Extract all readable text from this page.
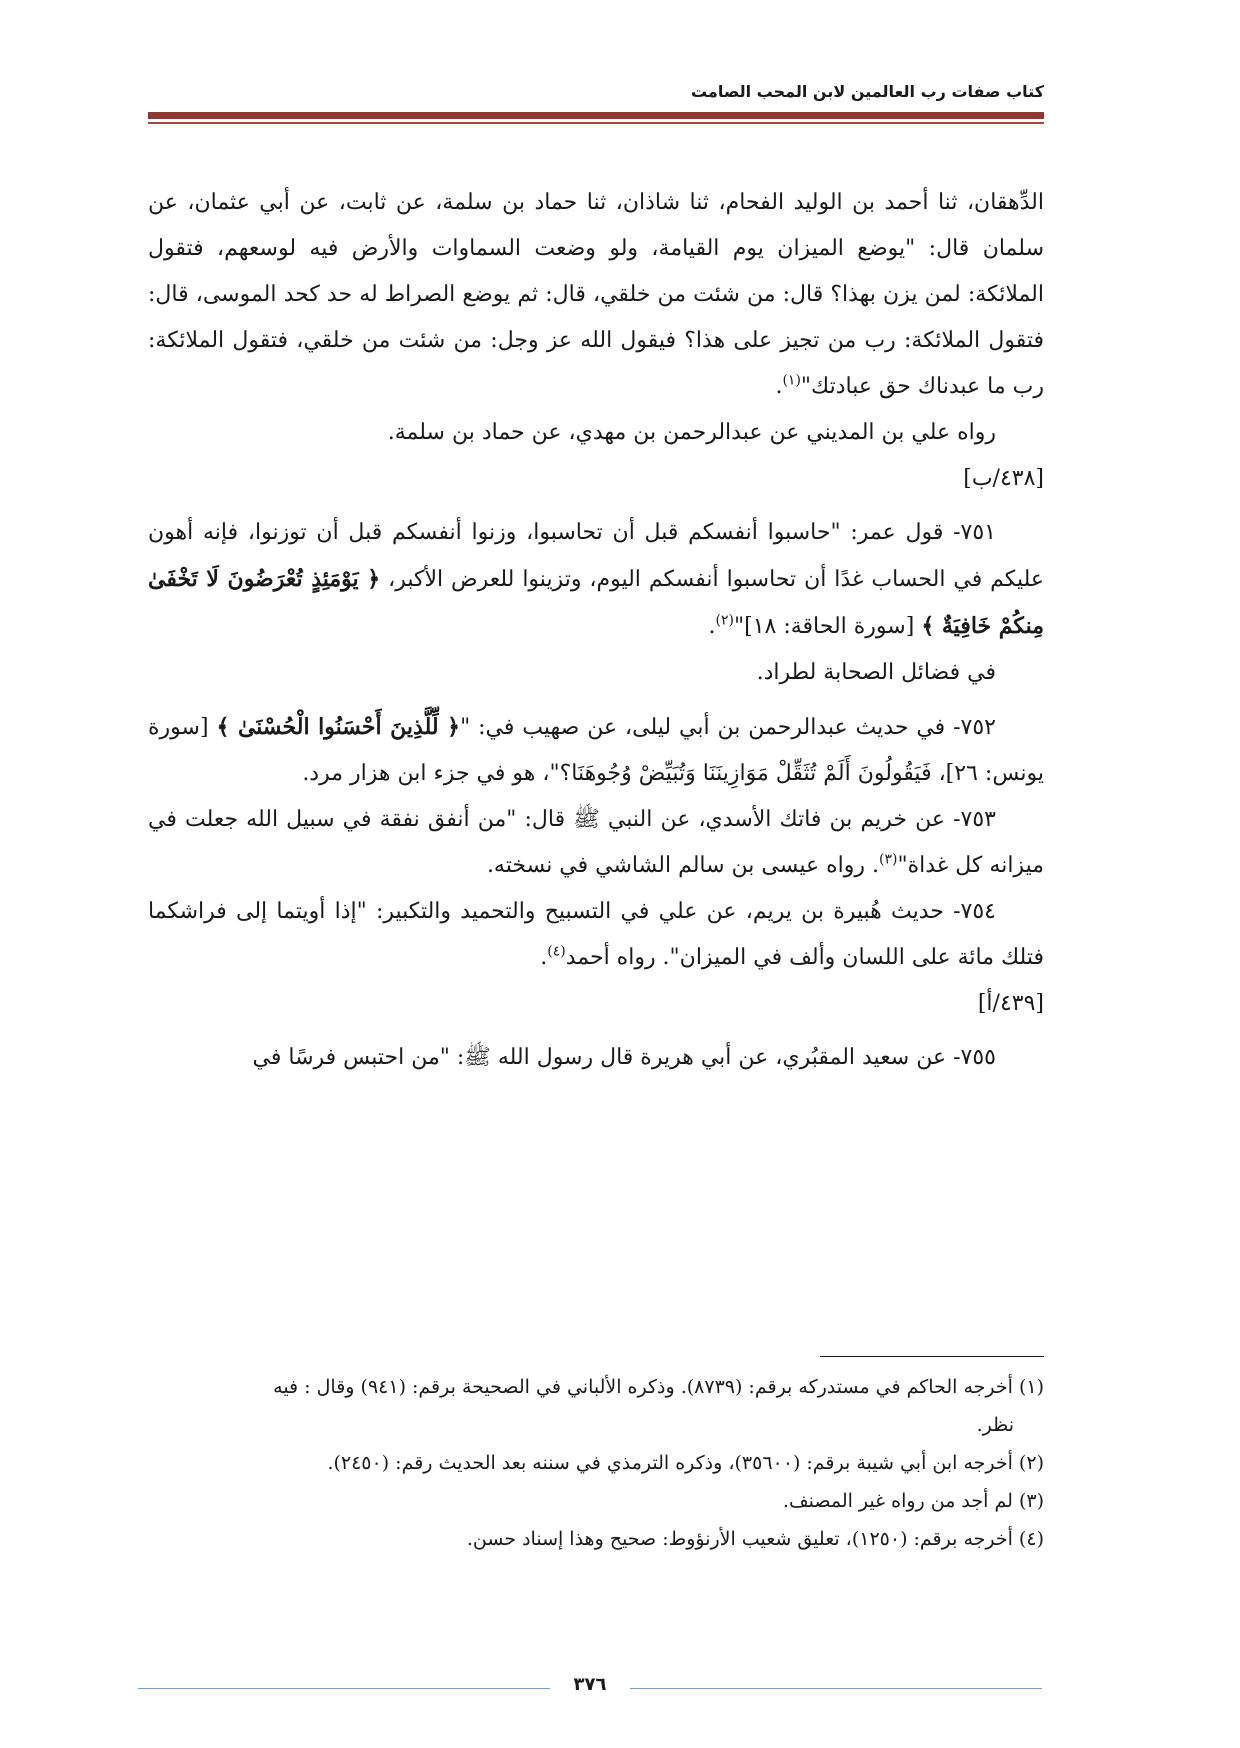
كتاب صفات رب العالمين لابن المحب الصامت

الدِّهقان، ثنا أحمد بن الوليد الفحام، ثنا شاذان، ثنا حماد بن سلمة، عن ثابت، عن أبي عثمان، عن سلمان قال: "يوضع الميزان يوم القيامة، ولو وضعت السماوات والأرض فيه لوسعهم، فتقول الملائكة: لمن يزن بهذا؟ قال: من شئت من خلقي، قال: ثم يوضع الصراط له حد كحد الموسى، قال: فتقول الملائكة: رب من تجيز على هذا؟ فيقول الله عز وجل: من شئت من خلقي، فتقول الملائكة: رب ما عبدناك حق عبادتك"$^{(١)}$.

رواه علي بن المديني عن عبدالرحمن بن مهدي، عن حماد بن سلمة.

[٤٣٨/ب]

٧٥١- قول عمر: "حاسبوا أنفسكم قبل أن تحاسبوا، وزنوا أنفسكم قبل أن توزنوا، فإنه أهون عليكم في الحساب غدًا أن تحاسبوا أنفسكم اليوم، وتزينوا للعرض الأكبر، ﴿ يَوْمَئِذٍ تُعْرَضُونَ لَا تَخْفَىٰ مِنكُمْ خَافِيَةٌ ﴾ [سورة الحاقة: ١٨]"$^{(٢)}$.

في فضائل الصحابة لطراد.

٧٥٢- في حديث عبدالرحمن بن أبي ليلى، عن صهيب في: "﴿ لِّلَّذِينَ أَحْسَنُوا الْحُسْنَىٰ ﴾ [سورة يونس: ٢٦]، فَيَقُولُونَ أَلَمْ تُثَقِّلْ مَوَازِينَنَا وَتُبَيِّضْ وُجُوهَنَا؟"، هو في جزء ابن هزار مرد.

٧٥٣- عن خريم بن فاتك الأسدي، عن النبي ﷺ قال: "من أنفق نفقة في سبيل الله جعلت في ميزانه كل غداة"$^{(٣)}$. رواه عيسى بن سالم الشاشي في نسخته.

٧٥٤- حديث هُبيرة بن يريم، عن علي في التسبيح والتحميد والتكبير: "إذا أويتما إلى فراشكما فتلك مائة على اللسان وألف في الميزان". رواه أحمد$^{(٤)}$.

[٤٣٩/أ]

٧٥٥- عن سعيد المقبُري، عن أبي هريرة قال رسول الله ﷺ: "من احتبس فرسًا في

(١) أخرجه الحاكم في مستدركه برقم: (٨٧٣٩). وذكره الألباني في الصحيحة برقم: (٩٤١) وقال : فيه

نظر.

(٢) أخرجه ابن أبي شيبة برقم: (٣٥٦٠٠)، وذكره الترمذي في سننه بعد الحديث رقم: (٢٤٥٠).

(٣) لم أجد من رواه غير المصنف.

(٤) أخرجه برقم: (١٢٥٠)، تعليق شعيب الأرنؤوط: صحيح وهذا إسناد حسن.

٣٧٦
